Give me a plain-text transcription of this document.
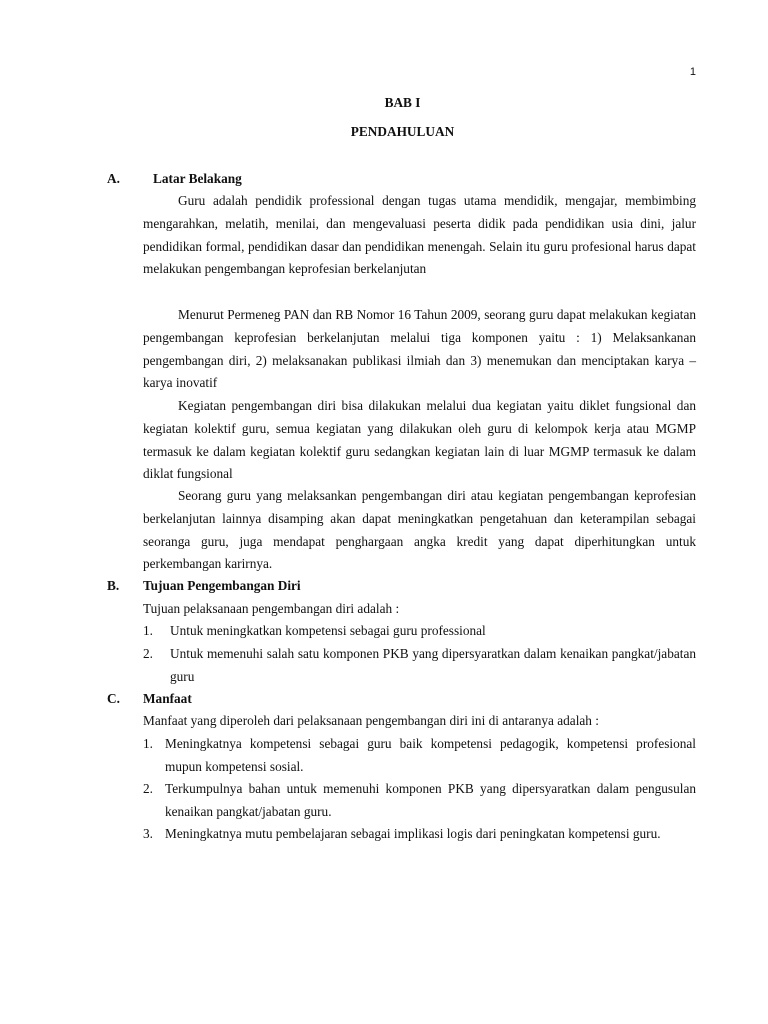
1
BAB I
PENDAHULUAN
A. Latar Belakang

Guru adalah pendidik professional dengan tugas utama mendidik, mengajar, membimbing mengarahkan, melatih, menilai, dan mengevaluasi peserta didik pada pendidikan usia dini, jalur pendidikan formal, pendidikan dasar dan pendidikan menengah. Selain itu guru profesional harus dapat melakukan pengembangan keprofesian berkelanjutan

Menurut Permeneg PAN dan RB Nomor 16 Tahun 2009, seorang guru dapat melakukan kegiatan pengembangan keprofesian berkelanjutan melalui tiga komponen yaitu : 1) Melaksankanan pengembangan diri, 2) melaksanakan publikasi ilmiah dan 3) menemukan dan menciptakan karya – karya inovatif

Kegiatan pengembangan diri bisa dilakukan melalui dua kegiatan yaitu diklet fungsional dan kegiatan kolektif guru, semua kegiatan yang dilakukan oleh guru di kelompok kerja atau MGMP termasuk ke dalam kegiatan kolektif guru sedangkan kegiatan lain di luar MGMP termasuk ke dalam diklat fungsional

Seorang guru yang melaksankan pengembangan diri atau kegiatan pengembangan keprofesian berkelanjutan lainnya disamping akan dapat meningkatkan pengetahuan dan keterampilan sebagai seoranga guru, juga mendapat penghargaan angka kredit yang dapat diperhitungkan untuk perkembangan karirnya.

B. Tujuan Pengembangan Diri

Tujuan pelaksanaan pengembangan diri adalah :

1.	Untuk meningkatkan kompetensi sebagai guru professional

2.	Untuk memenuhi salah satu komponen PKB yang dipersyaratkan dalam kenaikan pangkat/jabatan guru

C. Manfaat

Manfaat yang diperoleh dari pelaksanaan pengembangan diri ini di antaranya adalah :

1. Meningkatnya kompetensi sebagai guru baik kompetensi pedagogik, kompetensi profesional mupun kompetensi sosial.

2. Terkumpulnya bahan untuk memenuhi komponen PKB yang dipersyaratkan dalam pengusulan kenaikan pangkat/jabatan guru.

3. Meningkatnya mutu pembelajaran sebagai implikasi logis dari peningkatan kompetensi guru.
